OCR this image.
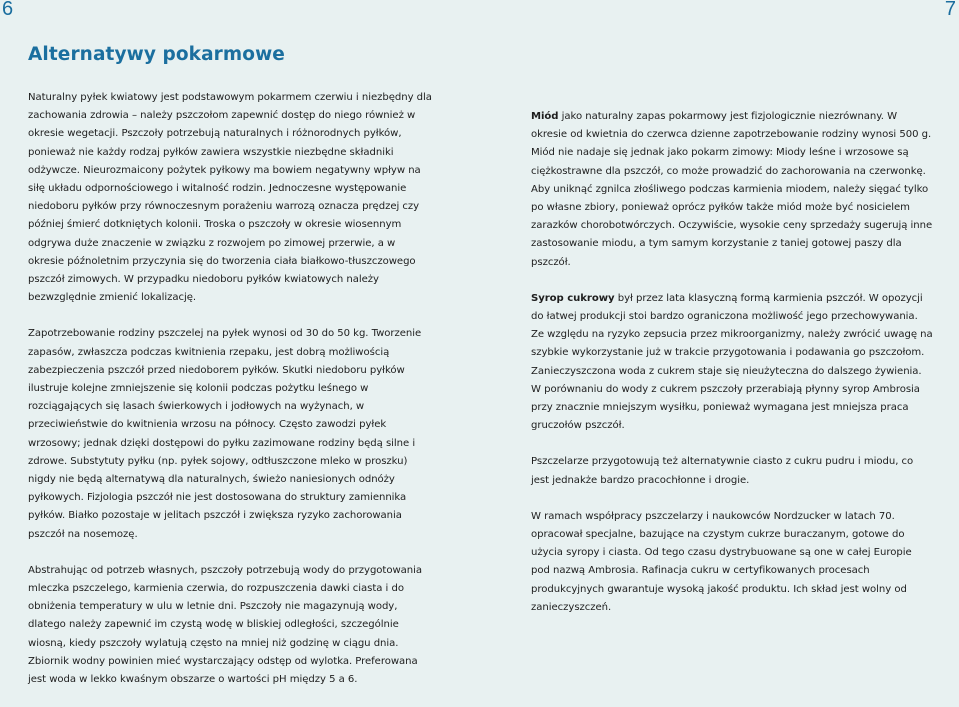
6	7
Alternatywy pokarmowe

Naturalny pyłek kwiatowy jest podstawowym pokarmem czerwiu i niezbędny dla zachowania zdrowia – należy pszczołom zapewnić dostęp do niego również w okresie wegetacji. Pszczoły potrzebują naturalnych i różnorodnych pyłków, ponieważ nie każdy rodzaj pyłków zawiera wszystkie niezbędne składniki odżywcze. Nieurozmaicony pożytek pyłkowy ma bowiem negatywny wpływ na siłę układu odpornościowego i witalność rodzin. Jednoczesne występowanie niedoboru pyłków przy równoczesnym porażeniu warrozą oznacza prędzej czy później śmierć dotkniętych kolonii. Troska o pszczoły w okresie wiosennym odgrywa duże znaczenie w związku z rozwojem po zimowej przerwie, a w okresie późnoletnim przyczynia się do tworzenia ciała białkowo-tłuszczowego pszczół zimowych. W przypadku niedoboru pyłków kwiatowych należy bezwzględnie zmienić lokalizację.

Zapotrzebowanie rodziny pszczelej na pyłek wynosi od 30 do 50 kg. Tworzenie zapasów, zwłaszcza podczas kwitnienia rzepaku, jest dobrą możliwością zabezpieczenia pszczół przed niedoborem pyłków. Skutki niedoboru pyłków ilustruje kolejne zmniejszenie się kolonii podczas pożytku leśnego w rozciągających się lasach świerkowych i jodłowych na wyżynach, w przeciwieństwie do kwitnienia wrzosu na północy. Często zawodzi pyłek wrzosowy; jednak dzięki dostępowi do pyłku zazimowane rodziny będą silne i zdrowe. Substytuty pyłku (np. pyłek sojowy, odtłuszczone mleko w proszku) nigdy nie będą alternatywą dla naturalnych, świeżo naniesionych odnóży pyłkowych. Fizjologia pszczół nie jest dostosowana do struktury zamiennika pyłków. Białko pozostaje w jelitach pszczół i zwiększa ryzyko zachorowania pszczół na nosemozę.

Abstrahując od potrzeb własnych, pszczoły potrzebują wody do przygotowania mleczka pszczelego, karmienia czerwia, do rozpuszczenia dawki ciasta i do obniżenia temperatury w ulu w letnie dni. Pszczoły nie magazynują wody, dlatego należy zapewnić im czystą wodę w bliskiej odległości, szczególnie wiosną, kiedy pszczoły wylatują często na mniej niż godzinę w ciągu dnia. Zbiornik wodny powinien mieć wystarczający odstęp od wylotka. Preferowana jest woda w lekko kwaśnym obszarze o wartości pH między 5 a 6.

Miód jako naturalny zapas pokarmowy jest fizjologicznie niezrównany. W okresie od kwietnia do czerwca dzienne zapotrzebowanie rodziny wynosi 500 g. Miód nie nadaje się jednak jako pokarm zimowy: Miody leśne i wrzosowe są ciężkostrawne dla pszczół, co może prowadzić do zachorowania na czerwonkę. Aby uniknąć zgnilca złośliwego podczas karmienia miodem, należy sięgać tylko po własne zbiory, ponieważ oprócz pyłków także miód może być nosicielem zarazków chorobotwórczych. Oczywiście, wysokie ceny sprzedaży sugerują inne zastosowanie miodu, a tym samym korzystanie z taniej gotowej paszy dla pszczół.

Syrop cukrowy był przez lata klasyczną formą karmienia pszczół. W opozycji do łatwej produkcji stoi bardzo ograniczona możliwość jego przechowywania. Ze względu na ryzyko zepsucia przez mikroorganizmy, należy zwrócić uwagę na szybkie wykorzystanie już w trakcie przygotowania i podawania go pszczołom. Zanieczyszczona woda z cukrem staje się nieużyteczna do dalszego żywienia. W porównaniu do wody z cukrem pszczoły przerabiają płynny syrop Ambrosia przy znacznie mniejszym wysiłku, ponieważ wymagana jest mniejsza praca gruczołów pszczół.

Pszczelarze przygotowują też alternatywnie ciasto z cukru pudru i miodu, co jest jednakże bardzo pracochłonne i drogie.

W ramach współpracy pszczelarzy i naukowców Nordzucker w latach 70. opracował specjalne, bazujące na czystym cukrze buraczanym, gotowe do użycia syropy i ciasta. Od tego czasu dystrybuowane są one w całej Europie pod nazwą Ambrosia. Rafinacja cukru w certyfikowanych procesach produkcyjnych gwarantuje wysoką jakość produktu. Ich skład jest wolny od zanieczyszczeń.
